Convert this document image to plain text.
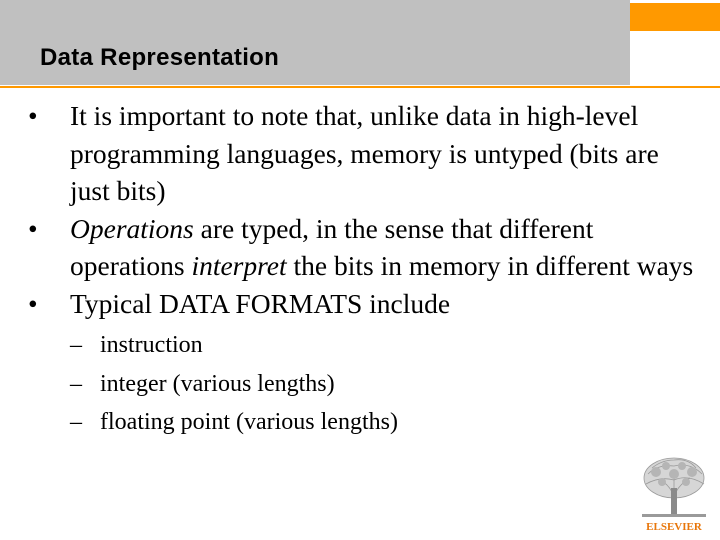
Data Representation
•	It is important to note that, unlike data in high-level programming languages, memory is untyped (bits are just bits)
•	Operations are typed, in the sense that different operations interpret the bits in memory in different ways
•	Typical DATA FORMATS include
– instruction
– integer (various lengths)
– floating point (various lengths)
ELSEVIER
